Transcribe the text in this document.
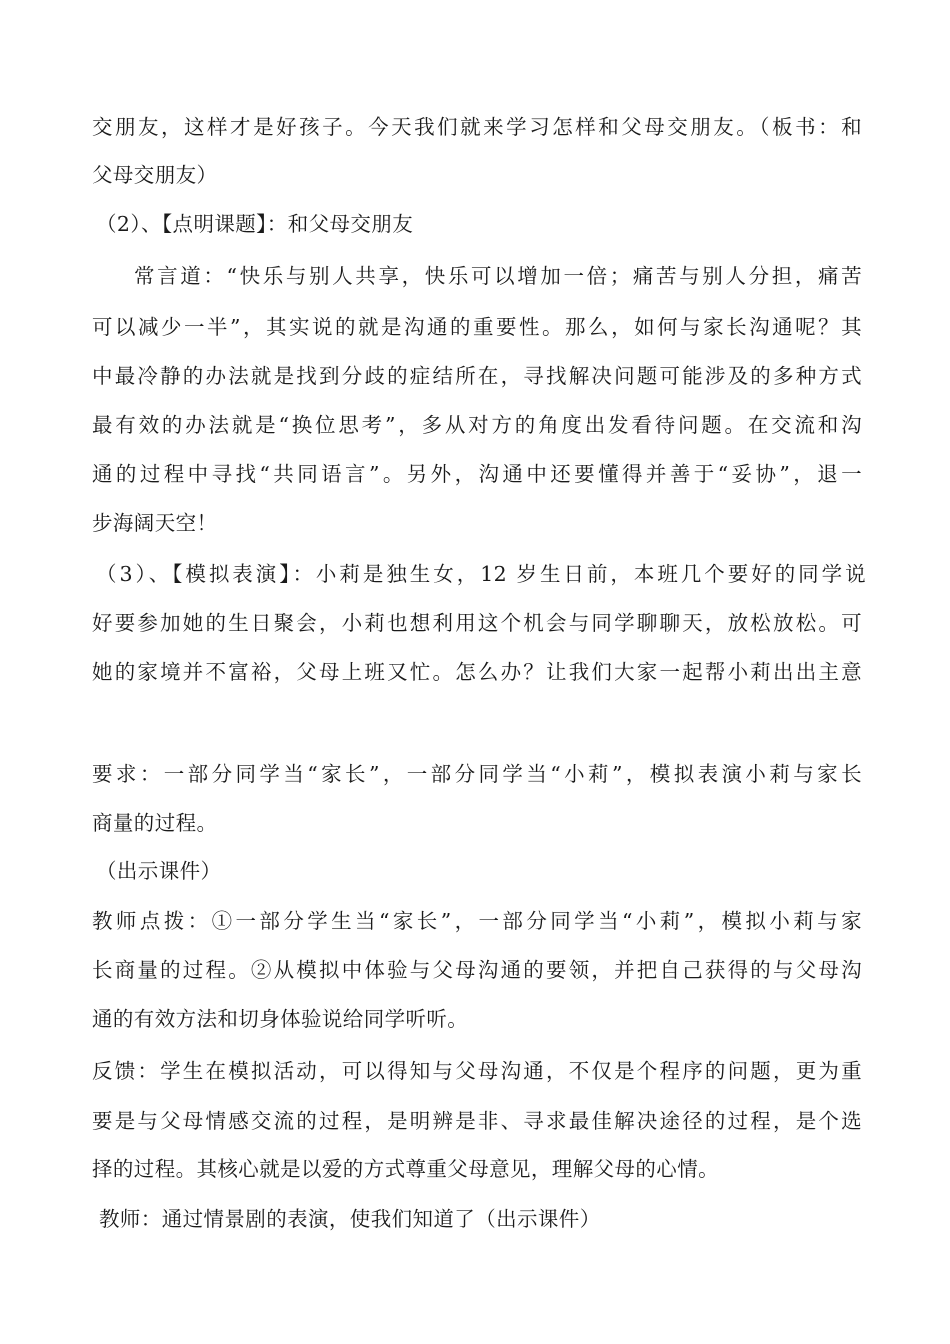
交朋友，这样才是好孩子。今天我们就来学习怎样和父母交朋友。（板书：和
父母交朋友）
（2）、【点明课题】：和父母交朋友
常言道：“快乐与别人共享，快乐可以增加一倍；痛苦与别人分担，痛苦
可以减少一半”，其实说的就是沟通的重要性。那么，如何与家长沟通呢？其
中最冷静的办法就是找到分歧的症结所在，寻找解决问题可能涉及的多种方式
最有效的办法就是“换位思考”，多从对方的角度出发看待问题。在交流和沟
通的过程中寻找“共同语言”。另外，沟通中还要懂得并善于“妥协”，退一
步海阔天空！
（3）、【模拟表演】：小莉是独生女，12 岁生日前，本班几个要好的同学说
好要参加她的生日聚会，小莉也想利用这个机会与同学聊聊天，放松放松。可
她的家境并不富裕，父母上班又忙。怎么办？让我们大家一起帮小莉出出主意
要求：一部分同学当“家长”，一部分同学当“小莉”，模拟表演小莉与家长
商量的过程。
（出示课件）
教师点拨：①一部分学生当“家长”，一部分同学当“小莉”，模拟小莉与家
长商量的过程。②从模拟中体验与父母沟通的要领，并把自己获得的与父母沟
通的有效方法和切身体验说给同学听听。
反馈：学生在模拟活动，可以得知与父母沟通，不仅是个程序的问题，更为重
要是与父母情感交流的过程，是明辨是非、寻求最佳解决途径的过程，是个选
择的过程。其核心就是以爱的方式尊重父母意见，理解父母的心情。
教师：通过情景剧的表演，使我们知道了（出示课件）
